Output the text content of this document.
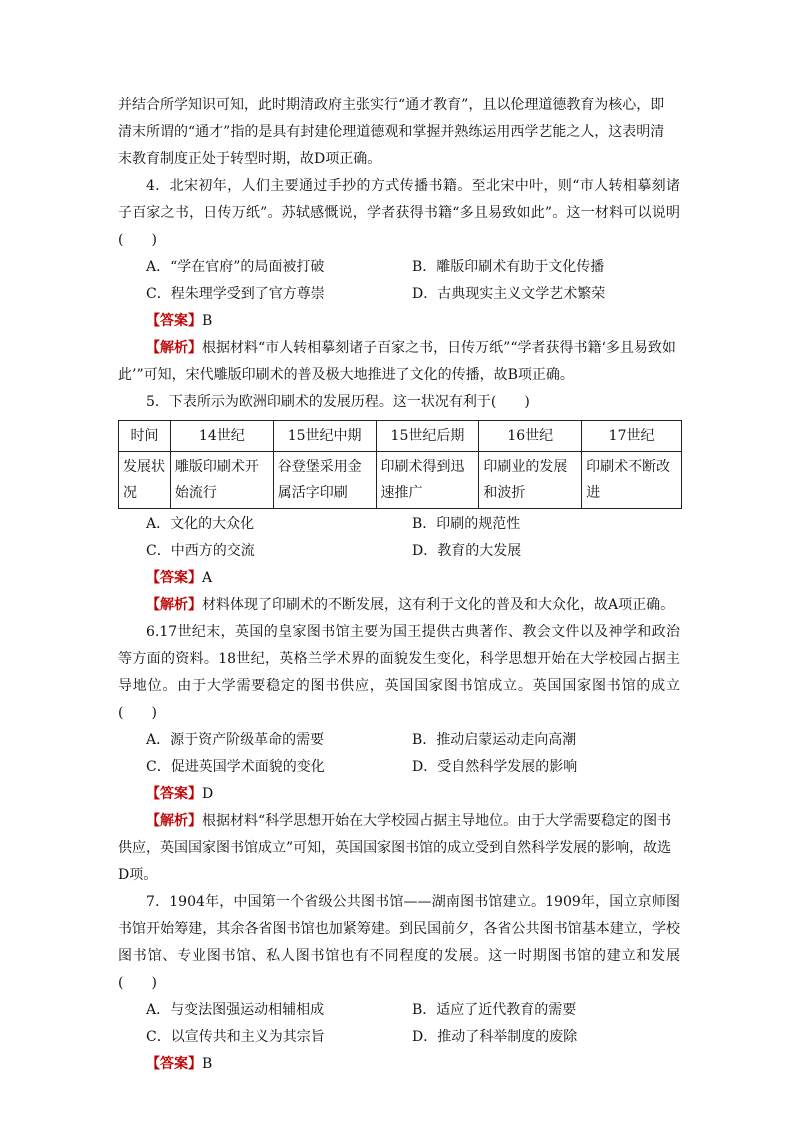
并结合所学知识可知，此时期清政府主张实行“通才教育”，且以伦理道德教育为核心，即

清末所谓的“通才”指的是具有封建伦理道德观和掌握并熟练运用西学艺能之人，这表明清

末教育制度正处于转型时期，故D项正确。

4．北宋初年，人们主要通过手抄的方式传播书籍。至北宋中叶，则“市人转相摹刻诸子百家之书，日传万纸”。苏轼感慨说，学者获得书籍“多且易致如此”。这一材料可以说明(　　)

A．“学在官府”的局面被打破	B．雕版印刷术有助于文化传播
C．程朱理学受到了官方尊崇	D．古典现实主义文学艺术繁荣
【答案】B

【解析】根据材料“市人转相摹刻诸子百家之书，日传万纸”“学者获得书籍‘多且易致如此’”可知，宋代雕版印刷术的普及极大地推进了文化的传播，故B项正确。

5．下表所示为欧洲印刷术的发展历程。这一状况有利于(　　)

时间	14世纪	15世纪中期	15世纪后期	16世纪	17世纪
发展状况	雕版印刷术开始流行	谷登堡采用金属活字印刷	印刷术得到迅速推广	印刷业的发展和波折	印刷术不断改进
A．文化的大众化	B．印刷的规范性
C．中西方的交流	D．教育的大发展
【答案】A

【解析】材料体现了印刷术的不断发展，这有利于文化的普及和大众化，故A项正确。

6.17世纪末，英国的皇家图书馆主要为国王提供古典著作、教会文件以及神学和政治等方面的资料。18世纪，英格兰学术界的面貌发生变化，科学思想开始在大学校园占据主导地位。由于大学需要稳定的图书供应，英国国家图书馆成立。英国国家图书馆的成立(　　)

A．源于资产阶级革命的需要	B．推动启蒙运动走向高潮
C．促进英国学术面貌的变化	D．受自然科学发展的影响
【答案】D

【解析】根据材料“科学思想开始在大学校园占据主导地位。由于大学需要稳定的图书供应，英国国家图书馆成立”可知，英国国家图书馆的成立受到自然科学发展的影响，故选D项。

7．1904年，中国第一个省级公共图书馆——湖南图书馆建立。1909年，国立京师图书馆开始筹建，其余各省图书馆也加紧筹建。到民国前夕，各省公共图书馆基本建立，学校图书馆、专业图书馆、私人图书馆也有不同程度的发展。这一时期图书馆的建立和发展(　　)

A．与变法图强运动相辅相成	B．适应了近代教育的需要
C．以宣传共和主义为其宗旨	D．推动了科举制度的废除
【答案】B
